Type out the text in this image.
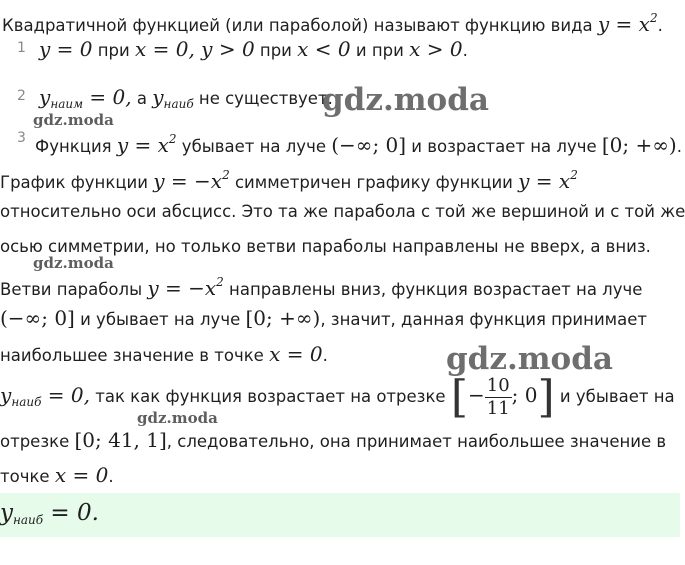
Квадратичной функцией (или параболой) называют функцию вида $y = x^2$.
1 y = 0 при x = 0, y > 0 при x < 0 и при x > 0.
2 $y_{наим} = 0$, а $y_{наиб}$ не существует.
3 Функция $y = x^2$ убывает на луче (−∞; 0] и возрастает на луче [0; +∞).
График функции $y = -x^2$ симметричен графику функции $y = x^2$
относительно оси абсцисс. Это та же парабола с той же вершиной и с той же
осью симметрии, но только ветви параболы направлены не вверх, а вниз.
Ветви параболы $y = -x^2$ направлены вниз, функция возрастает на луче
(−∞; 0] и убывает на луче [0; +∞), значит, данная функция принимает
наибольшее значение в точке x = 0.
$y_{наиб} = 0$, так как функция возрастает на отрезке [− $\frac{10}{11}$ ; 0] и убывает на
отрезке [0; 41, 1], следовательно, она принимает наибольшее значение в
точке x = 0.
$y_{наиб} = 0$.
gdz.moda
gdz.moda
gdz.moda
gdz.moda
gdz.moda
